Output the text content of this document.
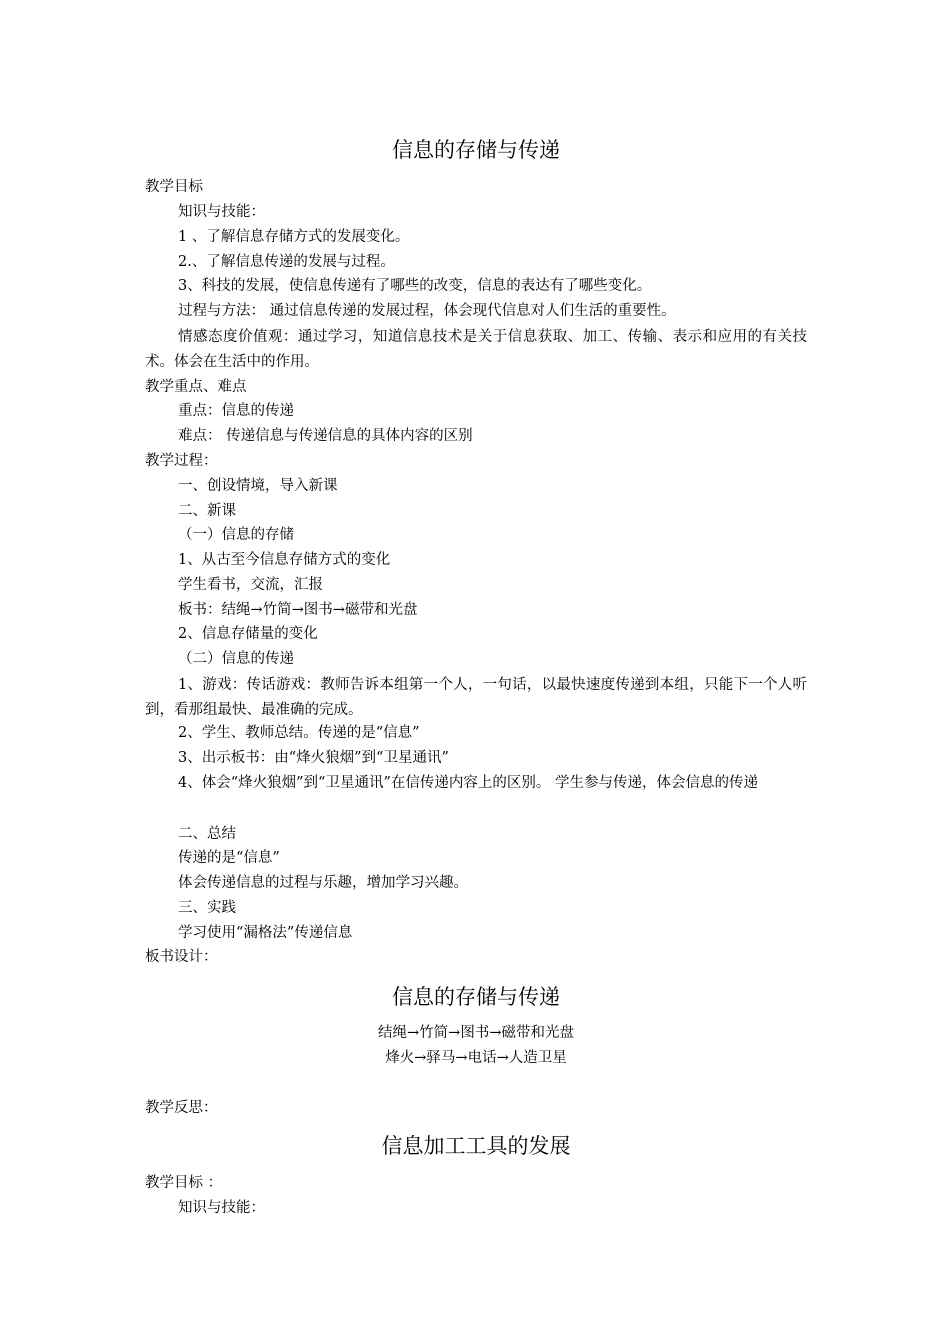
信息的存储与传递
教学目标
知识与技能：
1 、了解信息存储方式的发展变化。
2.、了解信息传递的发展与过程。
3、科技的发展，使信息传递有了哪些的改变，信息的表达有了哪些变化。
过程与方法： 通过信息传递的发展过程，体会现代信息对人们生活的重要性。
情感态度价值观：通过学习，知道信息技术是关于信息获取、加工、传输、表示和应用的有关技术。体会在生活中的作用。
教学重点、难点
重点：信息的传递
难点： 传递信息与传递信息的具体内容的区别
教学过程：
一、创设情境，导入新课
二、新课
（一）信息的存储
1、从古至今信息存储方式的变化
学生看书，交流，汇报
板书：结绳→竹简→图书→磁带和光盘
2、信息存储量的变化
（二）信息的传递
1、游戏：传话游戏：教师告诉本组第一个人，一句话，以最快速度传递到本组，只能下一个人听到，看那组最快、最准确的完成。
2、学生、教师总结。传递的是“信息”
3、出示板书：由“烽火狼烟”到“卫星通讯”
4、体会“烽火狼烟”到“卫星通讯”在信传递内容上的区别。 学生参与传递，体会信息的传递
二、总结
传递的是“信息”
体会传递信息的过程与乐趣，增加学习兴趣。
三、实践
学习使用“漏格法”传递信息
板书设计：
信息的存储与传递
结绳→竹简→图书→磁带和光盘
烽火→驿马→电话→人造卫星
教学反思：
信息加工工具的发展
教学目标 ：
知识与技能：
